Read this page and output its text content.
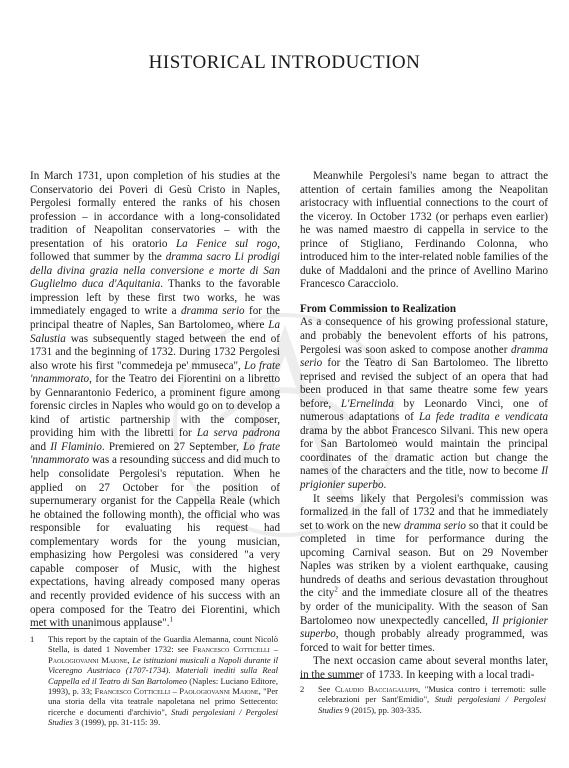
HISTORICAL INTRODUCTION

In March 1731, upon completion of his studies at the Conservatorio dei Poveri di Gesù Cristo in Naples, Pergolesi formally entered the ranks of his chosen profession – in accordance with a long-consolidated tradition of Neapolitan conservatories – with the presentation of his oratorio La Fenice sul rogo, followed that summer by the dramma sacro Li prodigi della divina grazia nella conversione e morte di San Guglielmo duca d'Aquitania. Thanks to the favorable impression left by these first two works, he was immediately engaged to write a dramma serio for the principal theatre of Naples, San Bartolomeo, where La Salustia was subsequently staged between the end of 1731 and the beginning of 1732. During 1732 Pergolesi also wrote his first "commedeja pe' mmuseca", Lo frate 'nnammorato, for the Teatro dei Fiorentini on a libretto by Gennarantonio Federico, a prominent figure among forensic circles in Naples who would go on to develop a kind of artistic partnership with the composer, providing him with the libretti for La serva padrona and Il Flaminio. Premiered on 27 September, Lo frate 'nnammorato was a resounding success and did much to help consolidate Pergolesi's reputation. When he applied on 27 October for the position of supernumerary organist for the Cappella Reale (which he obtained the following month), the official who was responsible for evaluating his request had complementary words for the young musician, emphasizing how Pergolesi was considered "a very capable composer of Music, with the highest expectations, having already composed many operas and recently provided evidence of his success with an opera composed for the Teatro dei Fiorentini, which met with unanimous applause".$^1$

Meanwhile Pergolesi's name began to attract the attention of certain families among the Neapolitan aristocracy with influential connections to the court of the viceroy. In October 1732 (or perhaps even earlier) he was named maestro di cappella in service to the prince of Stigliano, Ferdinando Colonna, who introduced him to the inter-related noble families of the duke of Maddaloni and the prince of Avellino Marino Francesco Caracciolo.

From Commission to Realization

As a consequence of his growing professional stature, and probably the benevolent efforts of his patrons, Pergolesi was soon asked to compose another dramma serio for the Teatro di San Bartolomeo. The libretto reprised and revised the subject of an opera that had been produced in that same theatre some few years before, L'Ernelinda by Leonardo Vinci, one of numerous adaptations of La fede tradita e vendicata drama by the abbot Francesco Silvani. This new opera for San Bartolomeo would maintain the principal coordinates of the dramatic action but change the names of the characters and the title, now to become Il prigionier superbo.

It seems likely that Pergolesi's commission was formalized in the fall of 1732 and that he immediately set to work on the new dramma serio so that it could be completed in time for performance during the upcoming Carnival season. But on 29 November Naples was striken by a violent earthquake, causing hundreds of deaths and serious devastation throughout the city$^2$ and the immediate closure all of the theatres by order of the municipality. With the season of San Bartolomeo now unexpectedly cancelled, Il prigionier superbo, though probably already programmed, was forced to wait for better times.

The next occasion came about several months later, in the summer of 1733. In keeping with a local tradi-

1 This report by the captain of the Guardia Alemanna, count Nicolò Stella, is dated 1 November 1732: see Francesco Cotticelli – Paologiovanni Maione, Le istituzioni musicali a Napoli durante il Viceregno Austriaco (1707-1734). Materiali inediti sulla Real Cappella ed il Teatro di San Bartolomeo (Naples: Luciano Editore, 1993), p. 33; Francesco Cotticelli – Paologiovanni Maione, "Per una storia della vita teatrale napoletana nel primo Settecento: ricerche e documenti d'archivio", Studi pergolesiani / Pergolesi Studies 3 (1999), pp. 31-115: 39.
2 See Claudio Bacciagaluppi, "Musica contro i terremoti: sulle celebrazioni per Sant'Emidio", Studi pergolesiani / Pergolesi Studies 9 (2015), pp. 303-335.
